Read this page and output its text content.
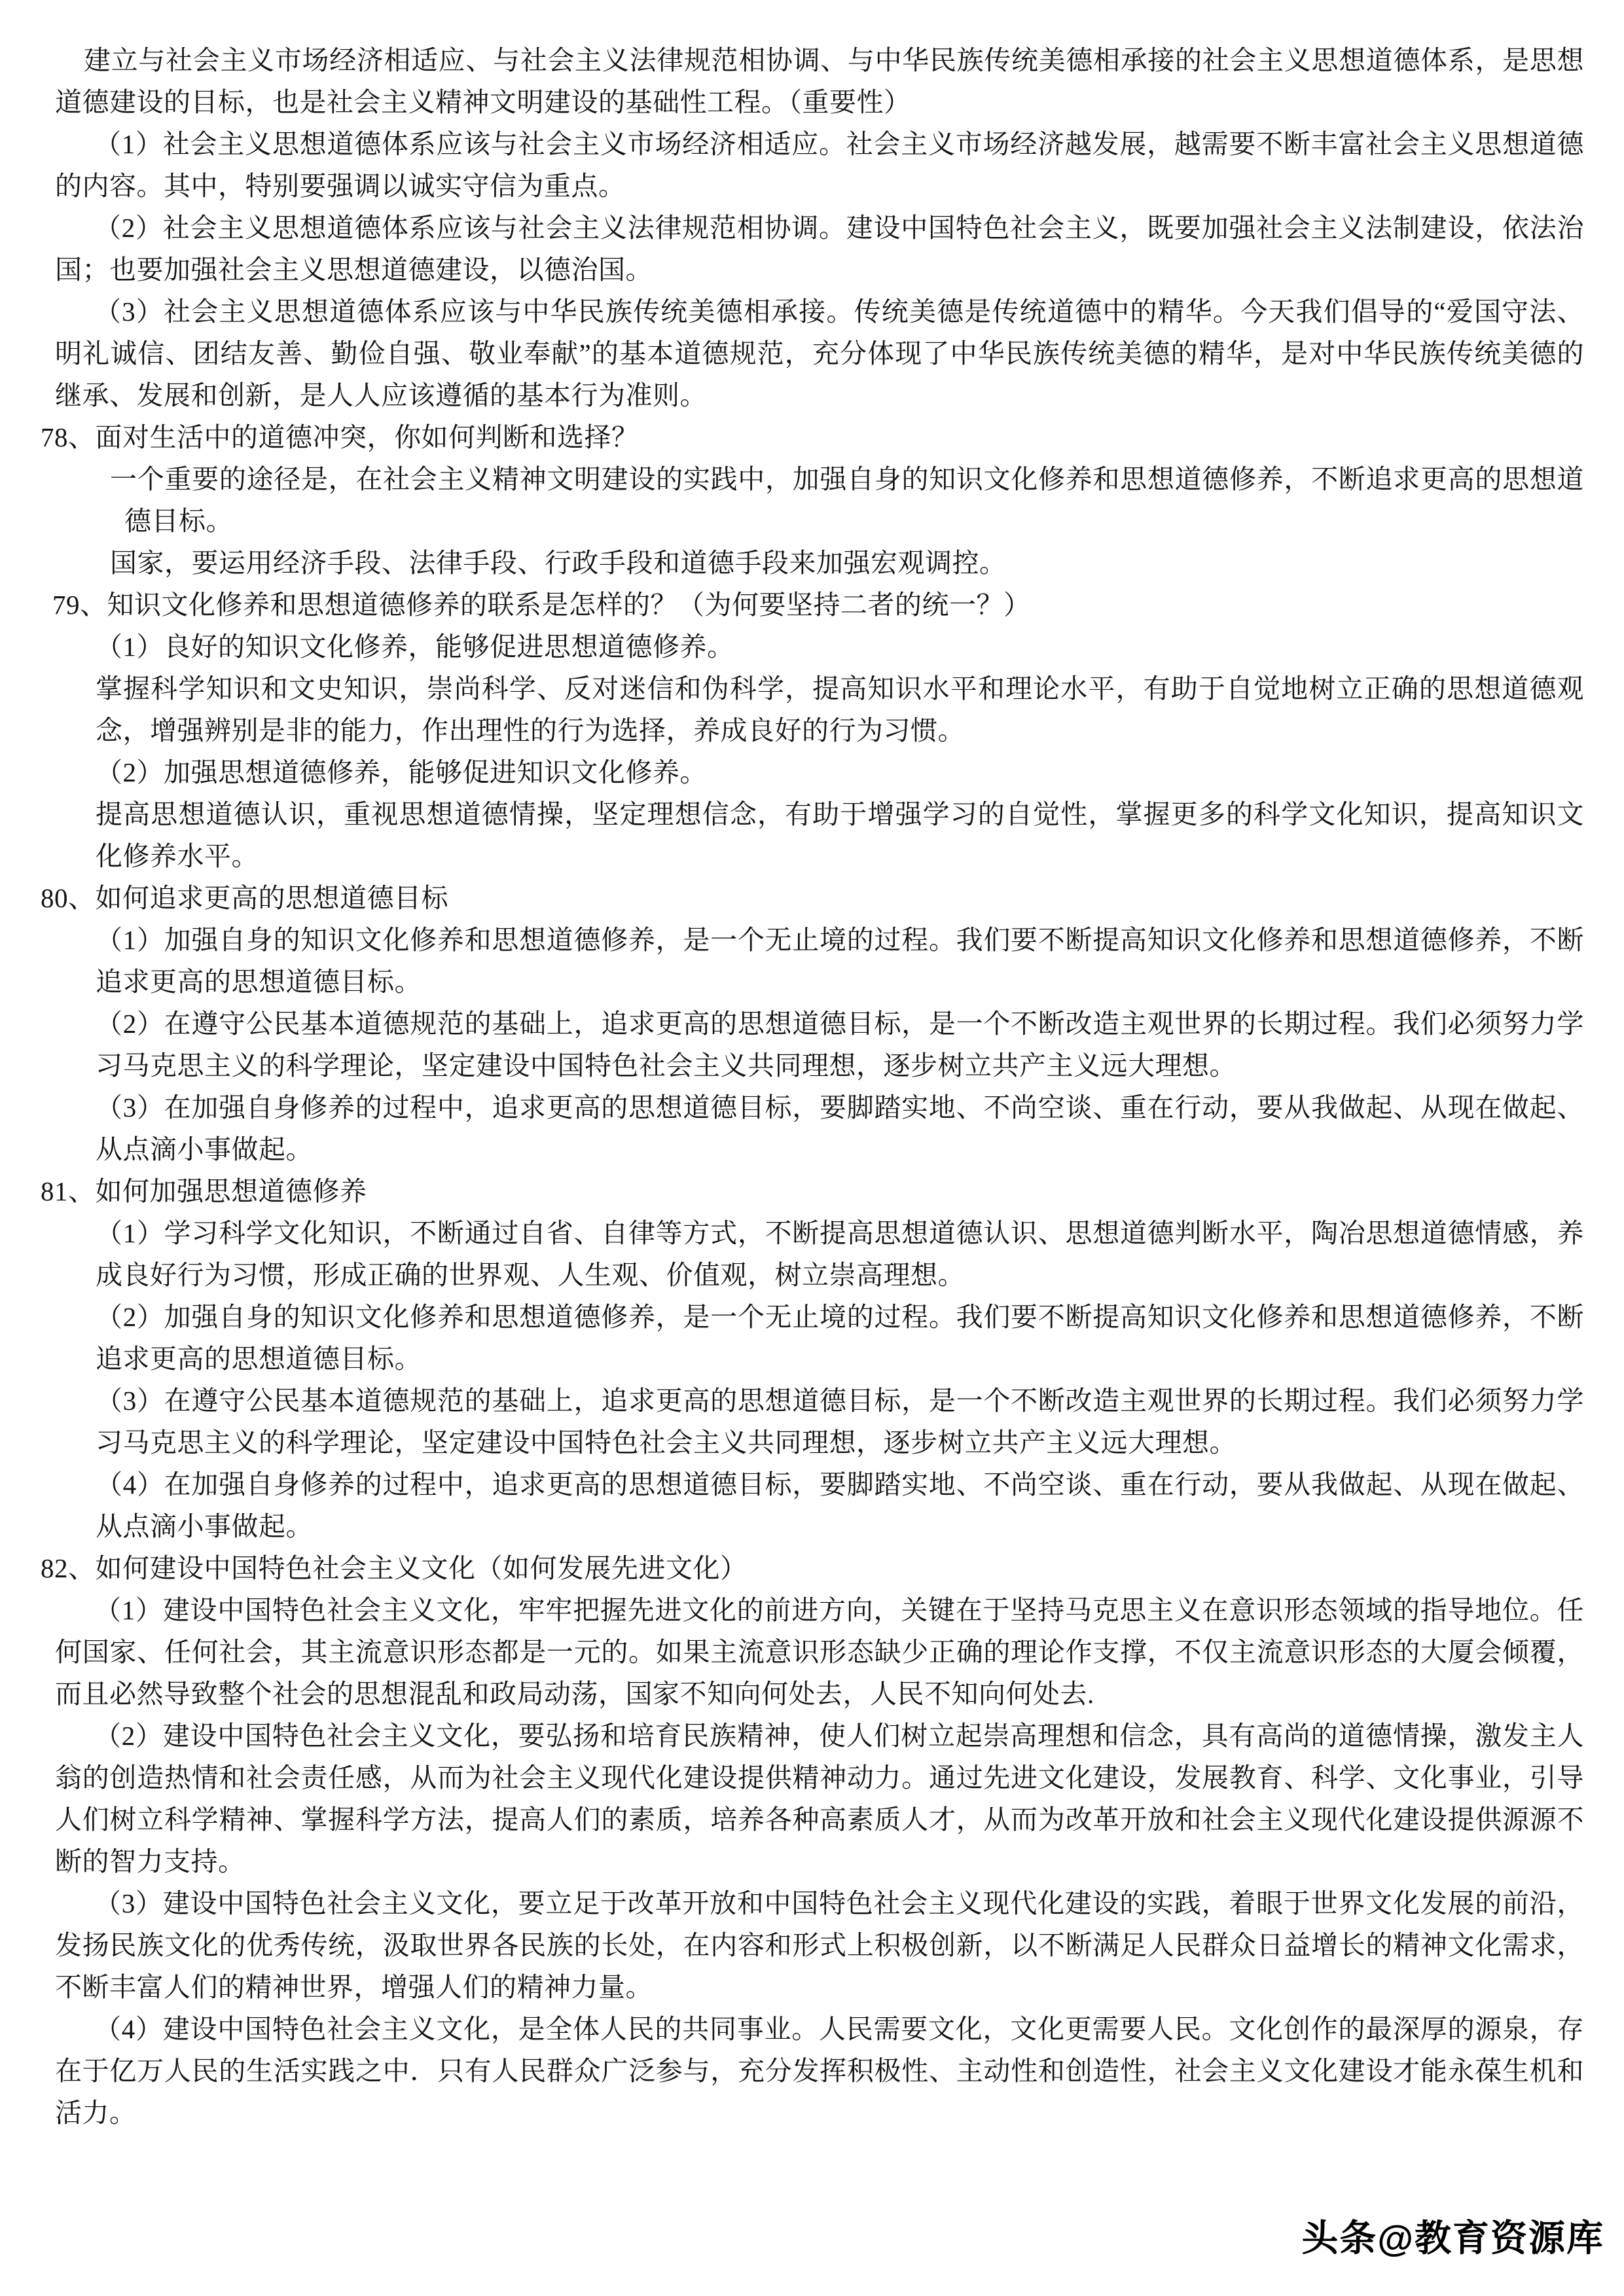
建立与社会主义市场经济相适应、与社会主义法律规范相协调、与中华民族传统美德相承接的社会主义思想道德体系，是思想道德建设的目标，也是社会主义精神文明建设的基础性工程。（重要性）

（1）社会主义思想道德体系应该与社会主义市场经济相适应。社会主义市场经济越发展，越需要不断丰富社会主义思想道德的内容。其中，特别要强调以诚实守信为重点。

（2）社会主义思想道德体系应该与社会主义法律规范相协调。建设中国特色社会主义，既要加强社会主义法制建设，依法治国；也要加强社会主义思想道德建设，以德治国。

（3）社会主义思想道德体系应该与中华民族传统美德相承接。传统美德是传统道德中的精华。今天我们倡导的“爱国守法、明礼诚信、团结友善、勤俭自强、敬业奉献”的基本道德规范，充分体现了中华民族传统美德的精华，是对中华民族传统美德的继承、发展和创新，是人人应该遵循的基本行为准则。

78、面对生活中的道德冲突，你如何判断和选择？

一个重要的途径是，在社会主义精神文明建设的实践中，加强自身的知识文化修养和思想道德修养，不断追求更高的思想道德目标。

国家，要运用经济手段、法律手段、行政手段和道德手段来加强宏观调控。

79、知识文化修养和思想道德修养的联系是怎样的？（为何要坚持二者的统一？）

（1）良好的知识文化修养，能够促进思想道德修养。

掌握科学知识和文史知识，崇尚科学、反对迷信和伪科学，提高知识水平和理论水平，有助于自觉地树立正确的思想道德观念，增强辨别是非的能力，作出理性的行为选择，养成良好的行为习惯。

（2）加强思想道德修养，能够促进知识文化修养。

提高思想道德认识，重视思想道德情操，坚定理想信念，有助于增强学习的自觉性，掌握更多的科学文化知识，提高知识文化修养水平。

80、如何追求更高的思想道德目标

（1）加强自身的知识文化修养和思想道德修养，是一个无止境的过程。我们要不断提高知识文化修养和思想道德修养，不断追求更高的思想道德目标。

（2）在遵守公民基本道德规范的基础上，追求更高的思想道德目标，是一个不断改造主观世界的长期过程。我们必须努力学习马克思主义的科学理论，坚定建设中国特色社会主义共同理想，逐步树立共产主义远大理想。

（3）在加强自身修养的过程中，追求更高的思想道德目标，要脚踏实地、不尚空谈、重在行动，要从我做起、从现在做起、从点滴小事做起。

81、如何加强思想道德修养

（1）学习科学文化知识，不断通过自省、自律等方式，不断提高思想道德认识、思想道德判断水平，陶冶思想道德情感，养成良好行为习惯，形成正确的世界观、人生观、价值观，树立崇高理想。

（2）加强自身的知识文化修养和思想道德修养，是一个无止境的过程。我们要不断提高知识文化修养和思想道德修养，不断追求更高的思想道德目标。

（3）在遵守公民基本道德规范的基础上，追求更高的思想道德目标，是一个不断改造主观世界的长期过程。我们必须努力学习马克思主义的科学理论，坚定建设中国特色社会主义共同理想，逐步树立共产主义远大理想。

（4）在加强自身修养的过程中，追求更高的思想道德目标，要脚踏实地、不尚空谈、重在行动，要从我做起、从现在做起、从点滴小事做起。

82、如何建设中国特色社会主义文化（如何发展先进文化）

（1）建设中国特色社会主义文化，牢牢把握先进文化的前进方向，关键在于坚持马克思主义在意识形态领域的指导地位。任何国家、任何社会，其主流意识形态都是一元的。如果主流意识形态缺少正确的理论作支撑，不仅主流意识形态的大厦会倾覆，而且必然导致整个社会的思想混乱和政局动荡，国家不知向何处去，人民不知向何处去.

（2）建设中国特色社会主义文化，要弘扬和培育民族精神，使人们树立起崇高理想和信念，具有高尚的道德情操，激发主人翁的创造热情和社会责任感，从而为社会主义现代化建设提供精神动力。通过先进文化建设，发展教育、科学、文化事业，引导人们树立科学精神、掌握科学方法，提高人们的素质，培养各种高素质人才，从而为改革开放和社会主义现代化建设提供源源不断的智力支持。

（3）建设中国特色社会主义文化，要立足于改革开放和中国特色社会主义现代化建设的实践，着眼于世界文化发展的前沿，发扬民族文化的优秀传统，汲取世界各民族的长处，在内容和形式上积极创新，以不断满足人民群众日益增长的精神文化需求，不断丰富人们的精神世界，增强人们的精神力量。

（4）建设中国特色社会主义文化，是全体人民的共同事业。人民需要文化，文化更需要人民。文化创作的最深厚的源泉，存在于亿万人民的生活实践之中．只有人民群众广泛参与，充分发挥积极性、主动性和创造性，社会主义文化建设才能永葆生机和活力。

头条@教育资源库
